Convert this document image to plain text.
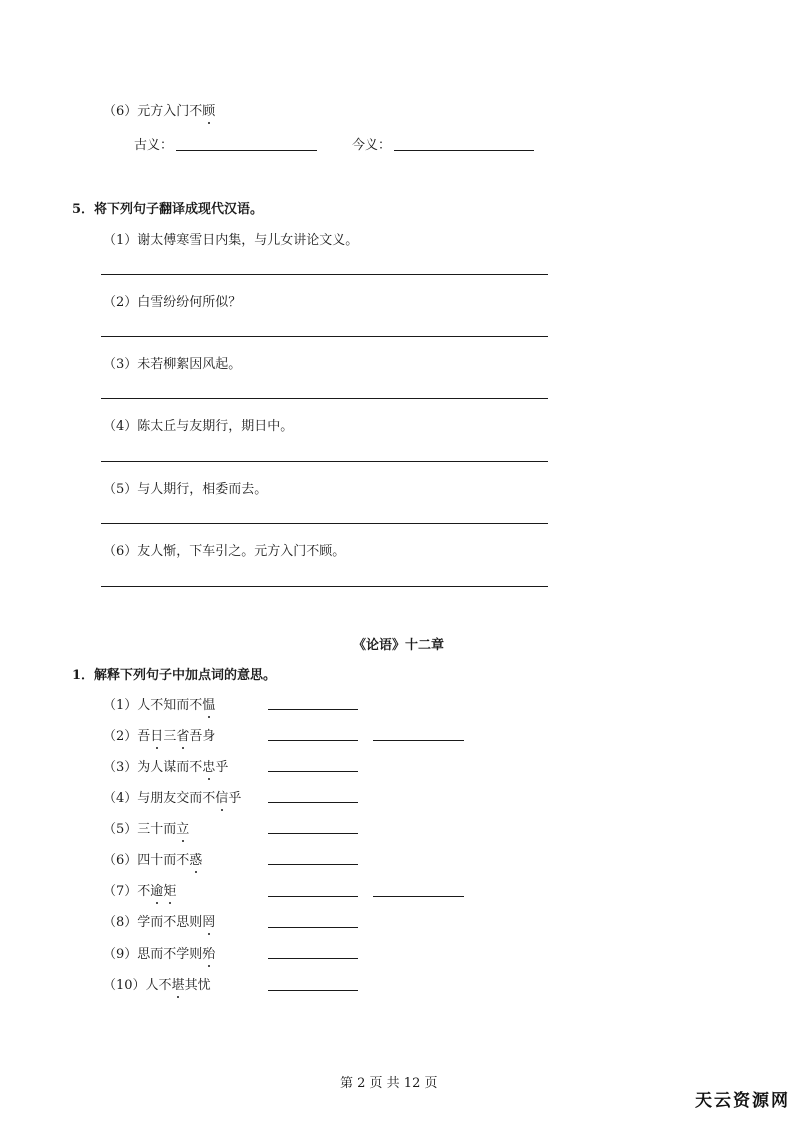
（6）元方入门不顾
古义：	今义：
5．将下列句子翻译成现代汉语。
（1）谢太傅寒雪日内集，与儿女讲论文义。
（2）白雪纷纷何所似？
（3）未若柳絮因风起。
（4）陈太丘与友期行，期日中。
（5）与人期行，相委而去。
（6）友人惭，下车引之。元方入门不顾。
《论语》十二章
1．解释下列句子中加点词的意思。
（1）人不知而不愠
（2）吾日三省吾身
（3）为人谋而不忠乎
（4）与朋友交而不信乎
（5）三十而立
（6）四十而不惑
（7）不逾矩
（8）学而不思则罔
（9）思而不学则殆
（10）人不堪其忧
第 2 页 共 12 页
天云资源网
